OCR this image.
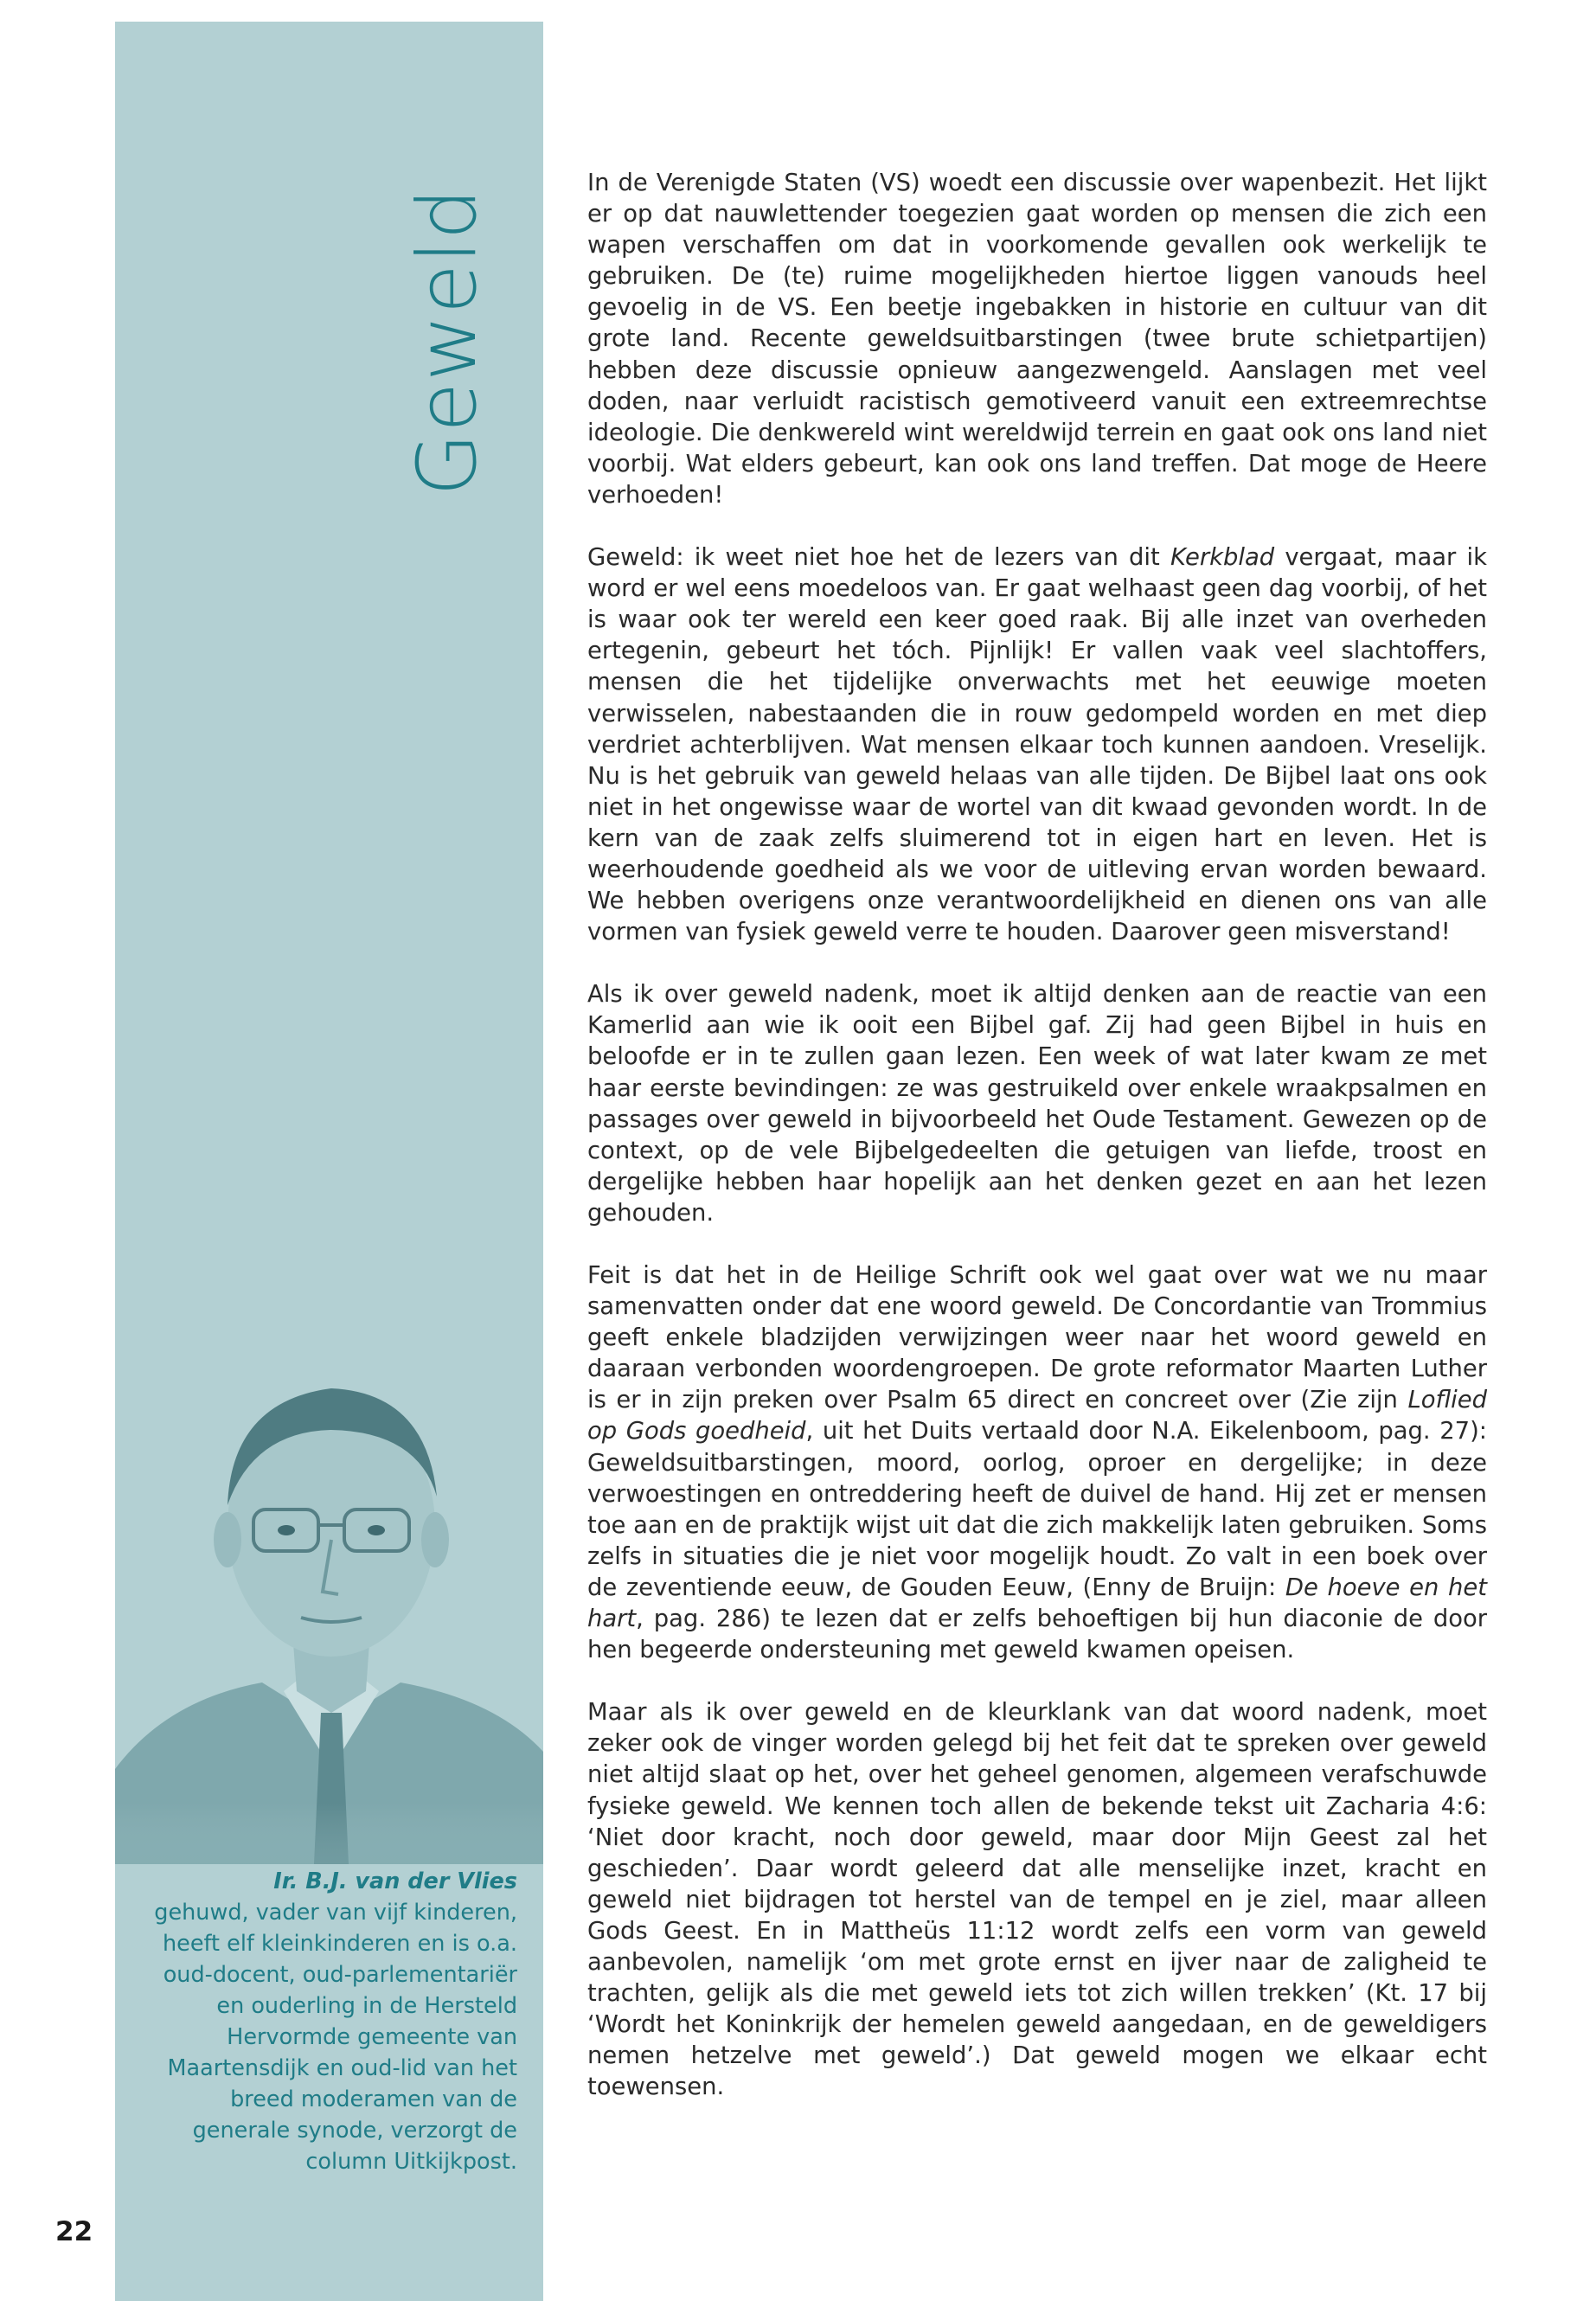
Geweld
Ir. B.J. van der Vlies
gehuwd, vader van vijf kinderen, heeft elf kleinkinderen en is o.a. oud-docent, oud-parlementariër en ouderling in de Hersteld Hervormde gemeente van Maartensdijk en oud-lid van het breed moderamen van de generale synode, verzorgt de column Uitkijkpost.
22

In de Verenigde Staten (VS) woedt een discussie over wapenbezit. Het lijkt er op dat nauwlettender toegezien gaat worden op mensen die zich een wapen verschaffen om dat in voorkomende gevallen ook werkelijk te gebruiken. De (te) ruime mogelijkheden hiertoe liggen vanouds heel gevoelig in de VS. Een beetje ingebakken in historie en cultuur van dit grote land. Recente geweldsuitbarstingen (twee brute schietpartijen) hebben deze discussie opnieuw aangezwengeld. Aanslagen met veel doden, naar verluidt racistisch gemotiveerd vanuit een extreemrechtse ideologie. Die denkwereld wint wereldwijd terrein en gaat ook ons land niet voorbij. Wat elders gebeurt, kan ook ons land treffen. Dat moge de Heere verhoeden!

Geweld: ik weet niet hoe het de lezers van dit Kerkblad vergaat, maar ik word er wel eens moedeloos van. Er gaat welhaast geen dag voorbij, of het is waar ook ter wereld een keer goed raak. Bij alle inzet van overheden ertegenin, gebeurt het tóch. Pijnlijk! Er vallen vaak veel slachtoffers, mensen die het tijdelijke onverwachts met het eeuwige moeten verwisselen, nabestaanden die in rouw gedompeld worden en met diep verdriet achterblijven. Wat mensen elkaar toch kunnen aandoen. Vreselijk. Nu is het gebruik van geweld helaas van alle tijden. De Bijbel laat ons ook niet in het ongewisse waar de wortel van dit kwaad gevonden wordt. In de kern van de zaak zelfs sluimerend tot in eigen hart en leven. Het is weerhoudende goedheid als we voor de uitleving ervan worden bewaard. We hebben overigens onze verantwoordelijkheid en dienen ons van alle vormen van fysiek geweld verre te houden. Daarover geen misverstand!

Als ik over geweld nadenk, moet ik altijd denken aan de reactie van een Kamerlid aan wie ik ooit een Bijbel gaf. Zij had geen Bijbel in huis en beloofde er in te zullen gaan lezen. Een week of wat later kwam ze met haar eerste bevindingen: ze was gestruikeld over enkele wraakpsalmen en passages over geweld in bijvoorbeeld het Oude Testament. Gewezen op de context, op de vele Bijbelgedeelten die getuigen van liefde, troost en dergelijke hebben haar hopelijk aan het denken gezet en aan het lezen gehouden.

Feit is dat het in de Heilige Schrift ook wel gaat over wat we nu maar samenvatten onder dat ene woord geweld. De Concordantie van Trommius geeft enkele bladzijden verwijzingen weer naar het woord geweld en daaraan verbonden woordengroepen. De grote reformator Maarten Luther is er in zijn preken over Psalm 65 direct en concreet over (Zie zijn Loflied op Gods goedheid, uit het Duits vertaald door N.A. Eikelenboom, pag. 27): Geweldsuitbarstingen, moord, oorlog, oproer en dergelijke; in deze verwoestingen en ontreddering heeft de duivel de hand. Hij zet er mensen toe aan en de praktijk wijst uit dat die zich makkelijk laten gebruiken. Soms zelfs in situaties die je niet voor mogelijk houdt. Zo valt in een boek over de zeventiende eeuw, de Gouden Eeuw, (Enny de Bruijn: De hoeve en het hart, pag. 286) te lezen dat er zelfs behoeftigen bij hun diaconie de door hen begeerde ondersteuning met geweld kwamen opeisen.

Maar als ik over geweld en de kleurklank van dat woord nadenk, moet zeker ook de vinger worden gelegd bij het feit dat te spreken over geweld niet altijd slaat op het, over het geheel genomen, algemeen verafschuwde fysieke geweld. We kennen toch allen de bekende tekst uit Zacharia 4:6: ‘Niet door kracht, noch door geweld, maar door Mijn Geest zal het geschieden’. Daar wordt geleerd dat alle menselijke inzet, kracht en geweld niet bijdragen tot herstel van de tempel en je ziel, maar alleen Gods Geest. En in Mattheüs 11:12 wordt zelfs een vorm van geweld aanbevolen, namelijk ‘om met grote ernst en ijver naar de zaligheid te trachten, gelijk als die met geweld iets tot zich willen trekken’ (Kt. 17 bij ‘Wordt het Koninkrijk der hemelen geweld aangedaan, en de geweldigers nemen hetzelve met geweld’.) Dat geweld mogen we elkaar echt toewensen.
